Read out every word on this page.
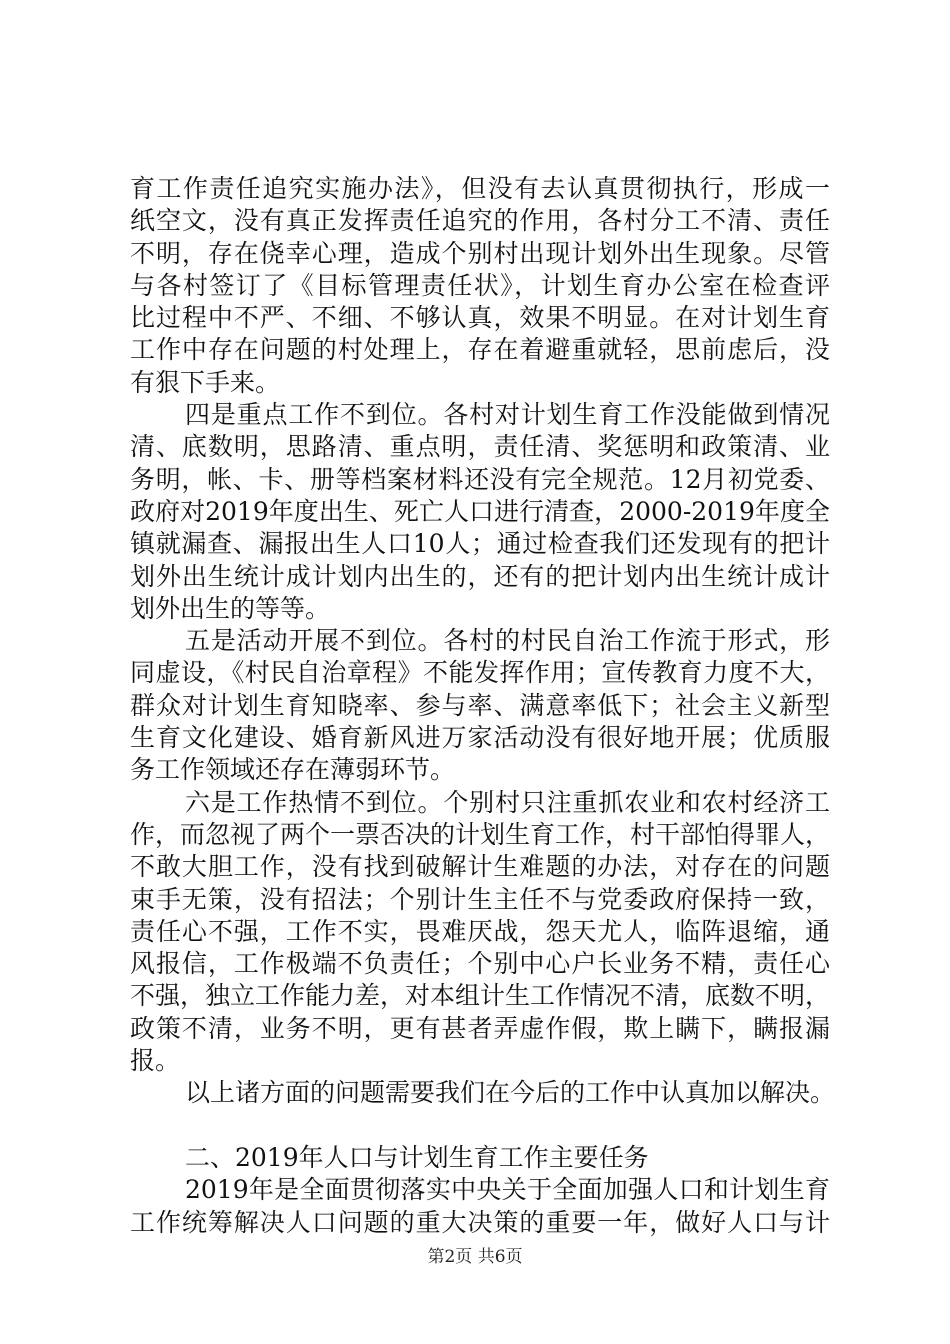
育工作责任追究实施办法》，但没有去认真贯彻执行，形成一
纸空文，没有真正发挥责任追究的作用，各村分工不清、责任
不明，存在侥幸心理，造成个别村出现计划外出生现象。尽管
与各村签订了《目标管理责任状》，计划生育办公室在检查评
比过程中不严、不细、不够认真，效果不明显。在对计划生育
工作中存在问题的村处理上，存在着避重就轻，思前虑后，没
有狠下手来。
四是重点工作不到位。各村对计划生育工作没能做到情况
清、底数明，思路清、重点明，责任清、奖惩明和政策清、业
务明，帐、卡、册等档案材料还没有完全规范。12月初党委、
政府对2019年度出生、死亡人口进行清查，2000-2019年度全
镇就漏查、漏报出生人口10人；通过检查我们还发现有的把计
划外出生统计成计划内出生的，还有的把计划内出生统计成计
划外出生的等等。
五是活动开展不到位。各村的村民自治工作流于形式，形
同虚设，《村民自治章程》不能发挥作用；宣传教育力度不大，
群众对计划生育知晓率、参与率、满意率低下；社会主义新型
生育文化建设、婚育新风进万家活动没有很好地开展；优质服
务工作领域还存在薄弱环节。
六是工作热情不到位。个别村只注重抓农业和农村经济工
作，而忽视了两个一票否决的计划生育工作，村干部怕得罪人，
不敢大胆工作，没有找到破解计生难题的办法，对存在的问题
束手无策，没有招法；个别计生主任不与党委政府保持一致，
责任心不强，工作不实，畏难厌战，怨天尤人，临阵退缩，通
风报信，工作极端不负责任；个别中心户长业务不精，责任心
不强，独立工作能力差，对本组计生工作情况不清，底数不明，
政策不清，业务不明，更有甚者弄虚作假，欺上瞒下，瞒报漏
报。
以上诸方面的问题需要我们在今后的工作中认真加以解决。
二、2019年人口与计划生育工作主要任务
2019年是全面贯彻落实中央关于全面加强人口和计划生育
工作统筹解决人口问题的重大决策的重要一年，做好人口与计
第2页 共6页
